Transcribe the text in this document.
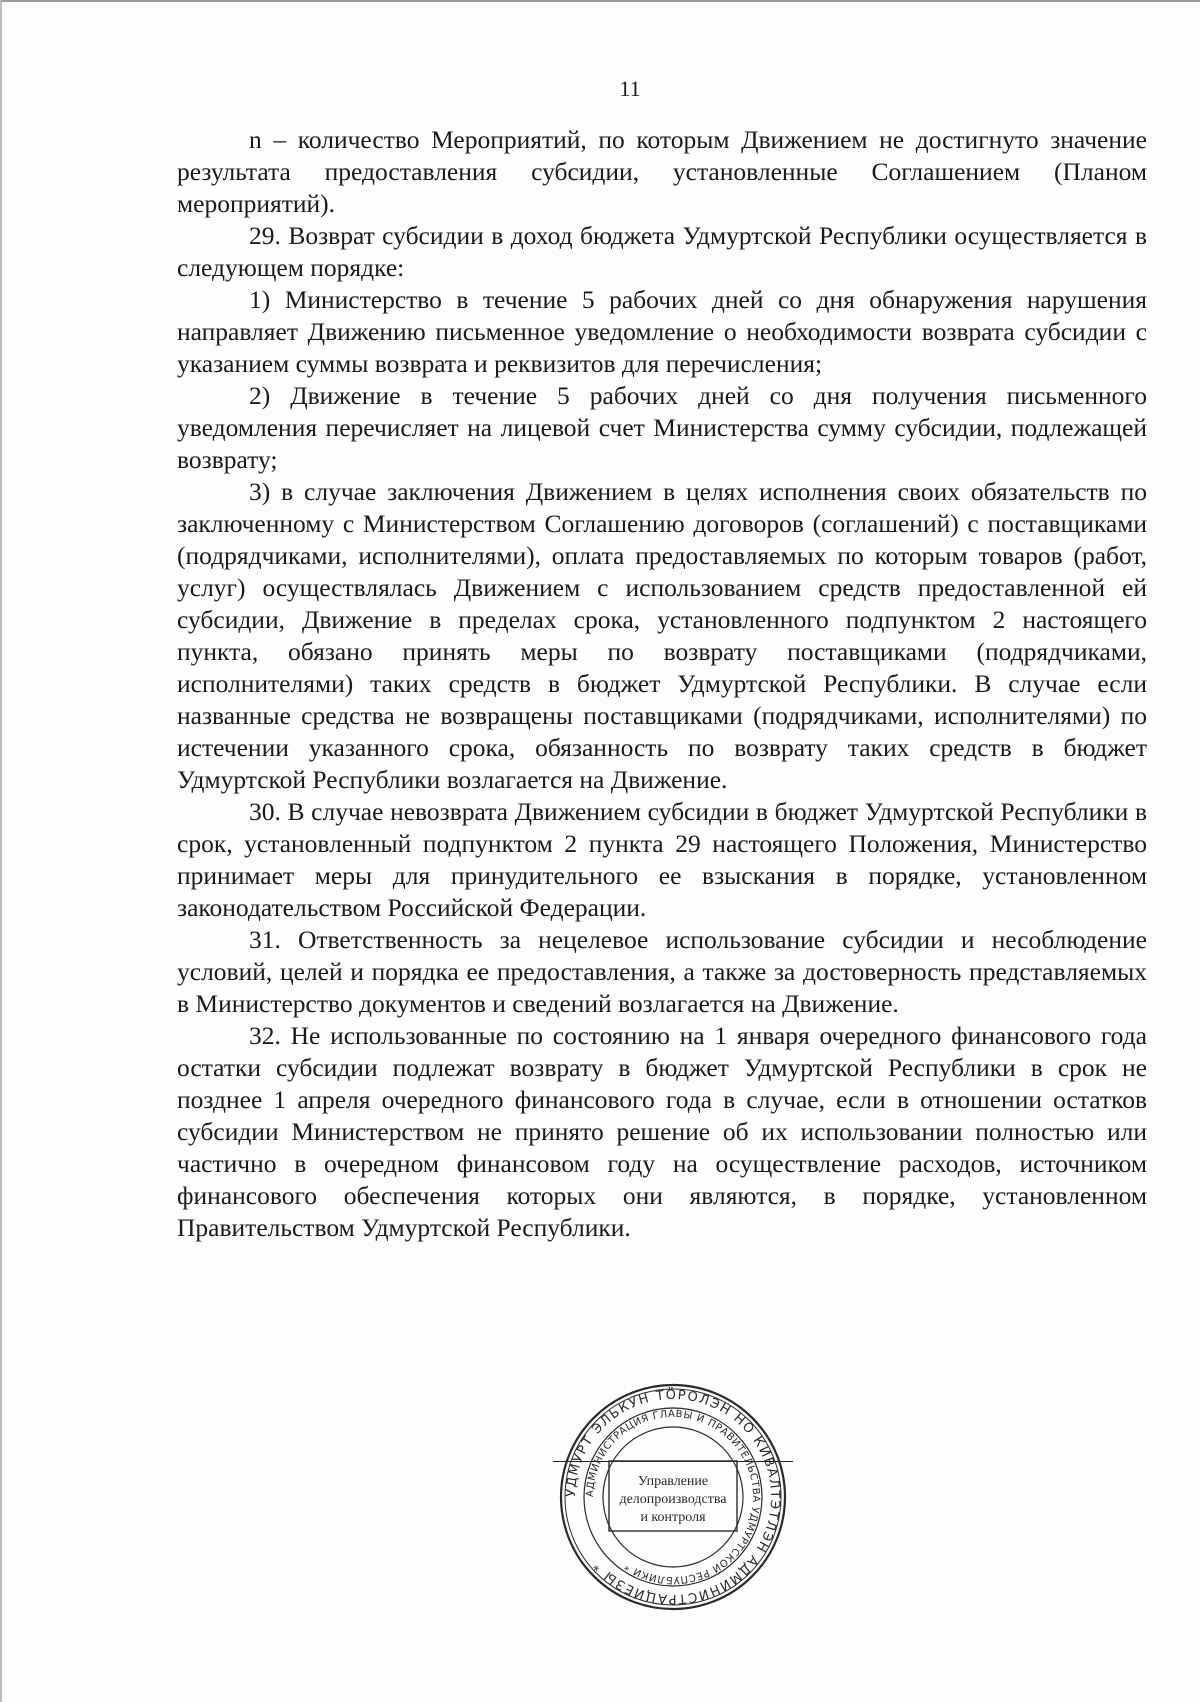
11

n – количество Мероприятий, по которым Движением не достигнуто значение результата предоставления субсидии, установленные Соглашением (Планом мероприятий).

29. Возврат субсидии в доход бюджета Удмуртской Республики осуществляется в следующем порядке:

1) Министерство в течение 5 рабочих дней со дня обнаружения нарушения направляет Движению письменное уведомление о необходимости возврата субсидии с указанием суммы возврата и реквизитов для перечисления;

2) Движение в течение 5 рабочих дней со дня получения письменного уведомления перечисляет на лицевой счет Министерства сумму субсидии, подлежащей возврату;

3) в случае заключения Движением в целях исполнения своих обязательств по заключенному с Министерством Соглашению договоров (соглашений) с поставщиками (подрядчиками, исполнителями), оплата предоставляемых по которым товаров (работ, услуг) осуществлялась Движением с использованием средств предоставленной ей субсидии, Движение в пределах срока, установленного подпунктом 2 настоящего пункта, обязано принять меры по возврату поставщиками (подрядчиками, исполнителями) таких средств в бюджет Удмуртской Республики. В случае если названные средства не возвращены поставщиками (подрядчиками, исполнителями) по истечении указанного срока, обязанность по возврату таких средств в бюджет Удмуртской Республики возлагается на Движение.

30. В случае невозврата Движением субсидии в бюджет Удмуртской Республики в срок, установленный подпунктом 2 пункта 29 настоящего Положения, Министерство принимает меры для принудительного ее взыскания в порядке, установленном законодательством Российской Федерации.

31. Ответственность за нецелевое использование субсидии и несоблюдение условий, целей и порядка ее предоставления, а также за достоверность представляемых в Министерство документов и сведений возлагается на Движение.

32. Не использованные по состоянию на 1 января очередного финансового года остатки субсидии подлежат возврату в бюджет Удмуртской Республики в срок не позднее 1 апреля очередного финансового года в случае, если в отношении остатков субсидии Министерством не принято решение об их использовании полностью или частично в очередном финансовом году на осуществление расходов, источником финансового обеспечения которых они являются, в порядке, установленном Правительством Удмуртской Республики.

УДМУРТ ЭЛЬКУН ТӦРОЛЭН НО КИВАЛТЭТЛЭН АДМИНИСТРАЦИЕЗЫ *
АДМИНИСТРАЦИЯ ГЛАВЫ И ПРАВИТЕЛЬСТВА УДМУРТСКОЙ РЕСПУБЛИКИ *
Управление
делопроизводства
и контроля
